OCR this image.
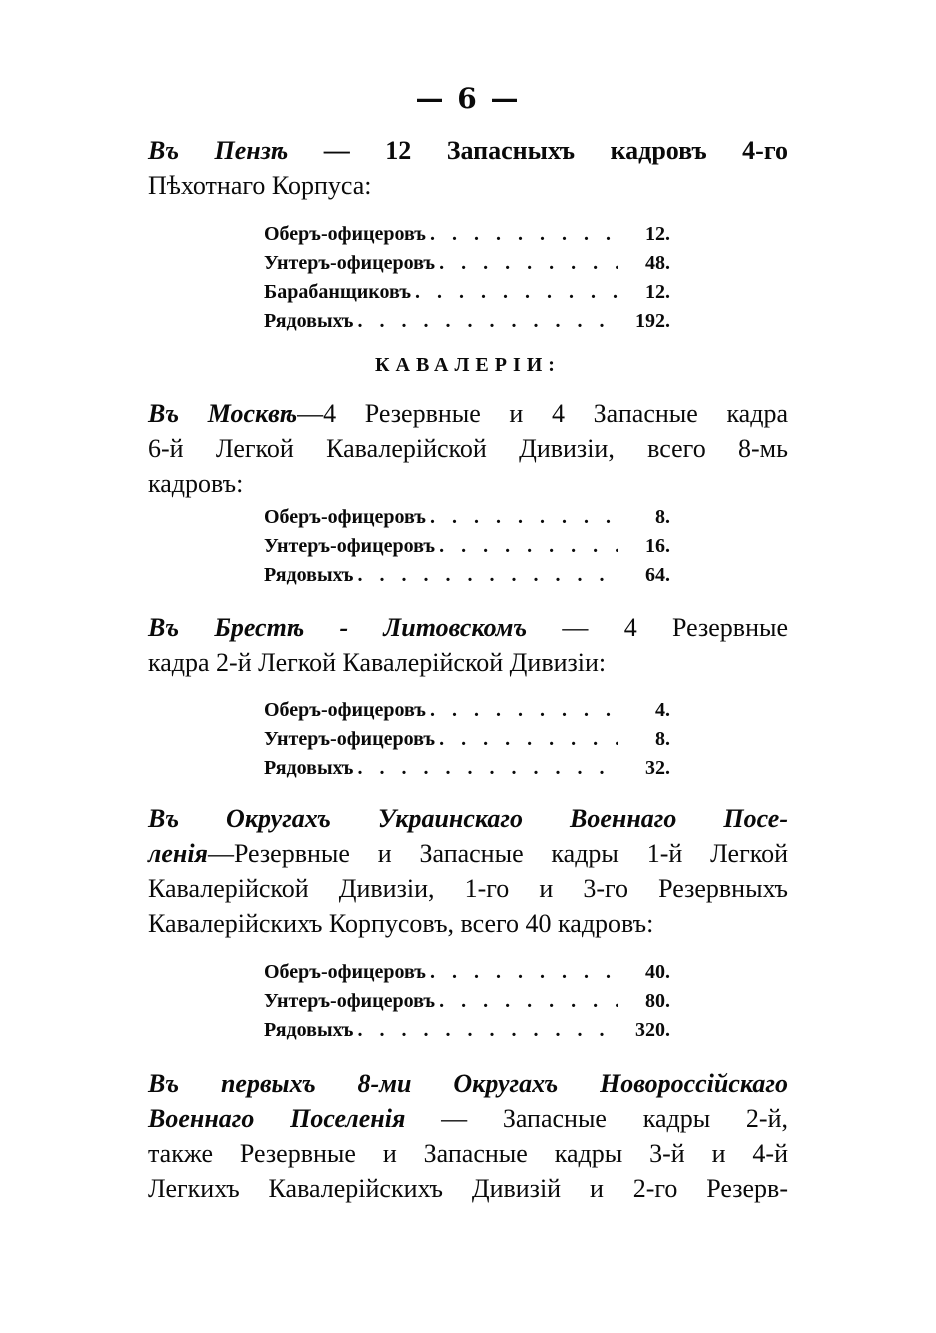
— 6 —
Въ Пензѣ — 12 Запасныхъ кадровъ 4-го
Пѣхотнаго Корпуса:
Оберъ-офицеровъ . . .	12.
Унтеръ-офицеровъ . . .	48.
Барабанщиковъ . . .	12.
Рядовыхъ . . .	192.
КАВАЛЕРІИ:
Въ Москвѣ—4 Резервные и 4 Запасные кадра
6-й Легкой Кавалерійской Дивизіи, всего 8-мь
кадровъ:
Оберъ-офицеровъ . . .	8.
Унтеръ-офицеровъ . . .	16.
Рядовыхъ . . .	64.
Въ Брестѣ - Литовскомъ — 4 Резервные
кадра 2-й Легкой Кавалерійской Дивизіи:
Оберъ-офицеровъ . . .	4.
Унтеръ-офицеровъ . . .	8.
Рядовыхъ . . .	32.
Въ Округахъ Украинскаго Военнаго Посе-
ленія—Резервные и Запасные кадры 1-й Легкой
Кавалерійской Дивизіи, 1-го и 3-го Резервныхъ
Кавалерійскихъ Корпусовъ, всего 40 кадровъ:
Оберъ-офицеровъ . . .	40.
Унтеръ-офицеровъ . . .	80.
Рядовыхъ . . .	320.
Въ первыхъ 8-ми Округахъ Новороссійскаго
Военнаго Поселенія — Запасные кадры 2-й,
также Резервные и Запасные кадры 3-й и 4-й
Легкихъ Кавалерійскихъ Дивизій и 2-го Резерв-
